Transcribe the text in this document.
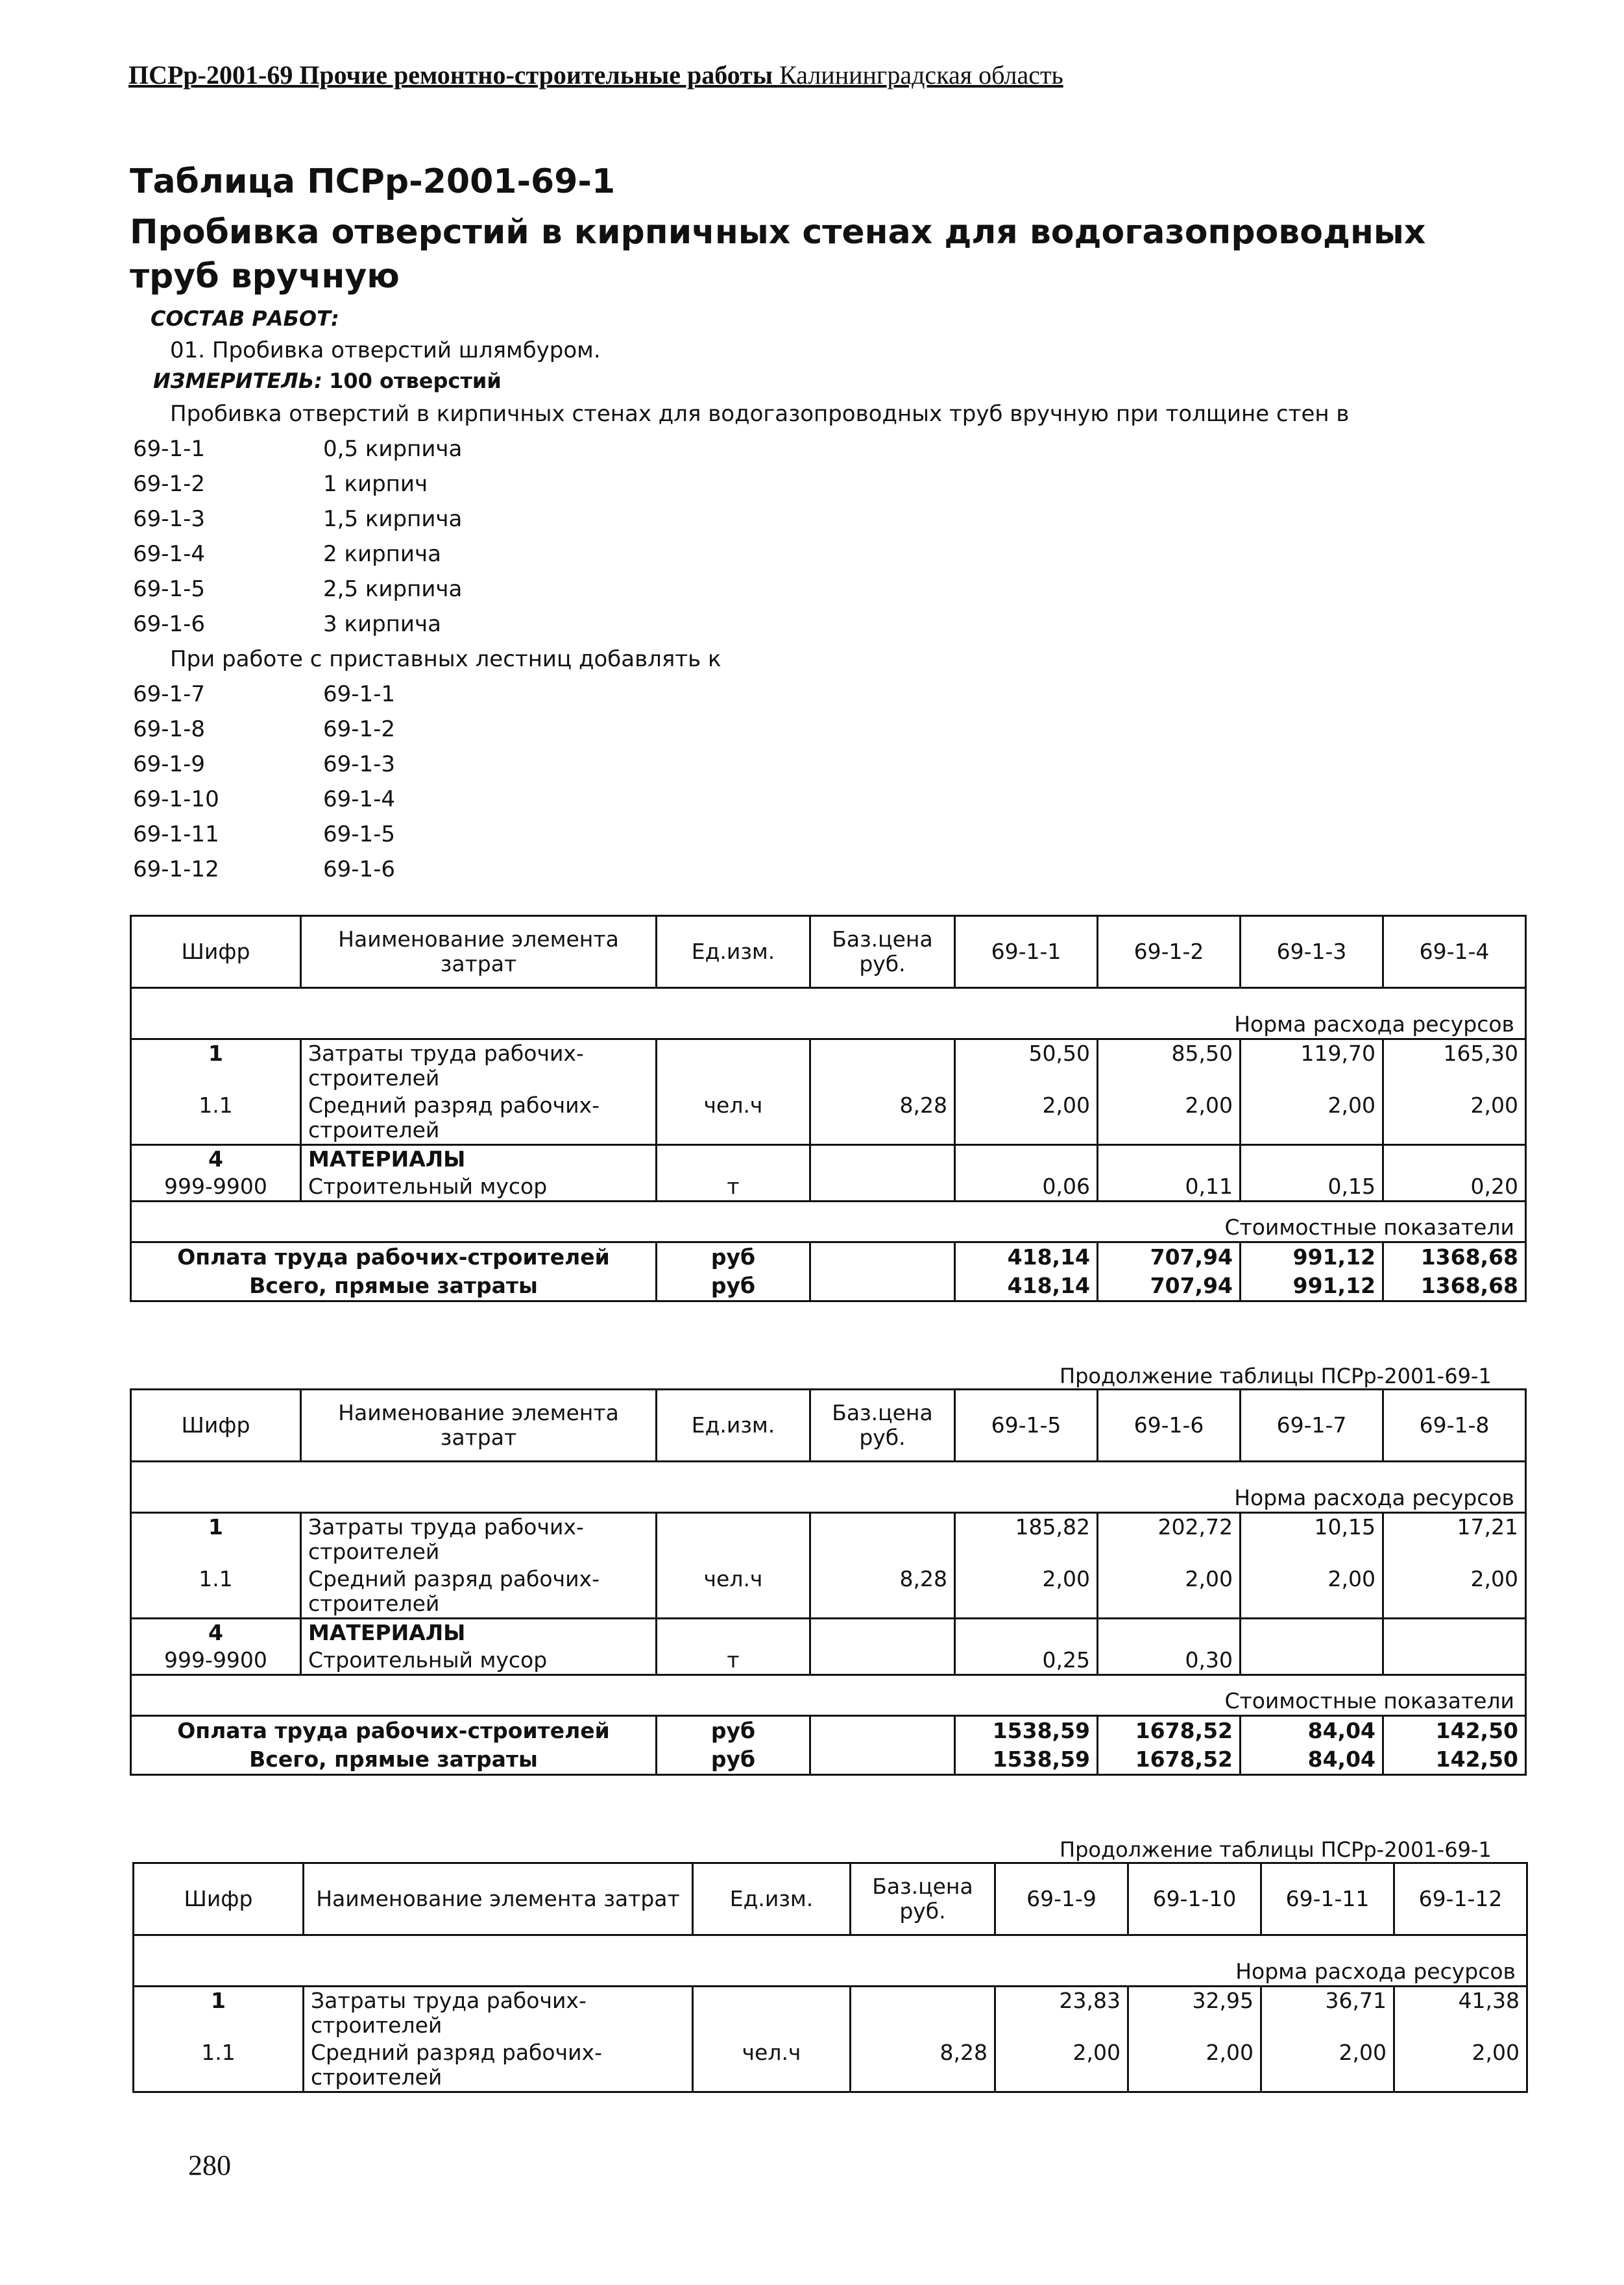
ПСРр-2001-69 Прочие ремонтно-строительные работы Калининградская область
Таблица ПСРр-2001-69-1
Пробивка отверстий в кирпичных стенах для водогазопроводных труб вручную
СОСТАВ РАБОТ:
01. Пробивка отверстий шлямбуром.
ИЗМЕРИТЕЛЬ: 100 отверстий
Пробивка отверстий в кирпичных стенах для водогазопроводных труб вручную при толщине стен в
69-1-1	0,5 кирпича
69-1-2	1 кирпич
69-1-3	1,5 кирпича
69-1-4	2 кирпича
69-1-5	2,5 кирпича
69-1-6	3 кирпича
При работе с приставных лестниц добавлять к
69-1-7	69-1-1
69-1-8	69-1-2
69-1-9	69-1-3
69-1-10	69-1-4
69-1-11	69-1-5
69-1-12	69-1-6
Шифр	Наименование элемента затрат	Ед.изм.	Баз.цена руб.	69-1-1	69-1-2	69-1-3	69-1-4
Норма расхода ресурсов							
1	Затраты труда рабочих-строителей			50,50	85,50	119,70	165,30
1.1	Средний разряд рабочих-строителей	чел.ч	8,28	2,00	2,00	2,00	2,00
4	МАТЕРИАЛЫ						
999-9900	Строительный мусор	т		0,06	0,11	0,15	0,20
Стоимостные показатели							
Оплата труда рабочих-строителей		руб		418,14	707,94	991,12	1368,68
Всего, прямые затраты		руб		418,14	707,94	991,12	1368,68
Продолжение таблицы ПСРр-2001-69-1
Шифр	Наименование элемента затрат	Ед.изм.	Баз.цена руб.	69-1-5	69-1-6	69-1-7	69-1-8
Норма расхода ресурсов							
1	Затраты труда рабочих-строителей			185,82	202,72	10,15	17,21
1.1	Средний разряд рабочих-строителей	чел.ч	8,28	2,00	2,00	2,00	2,00
4	МАТЕРИАЛЫ						
999-9900	Строительный мусор	т		0,25	0,30		
Стоимостные показатели							
Оплата труда рабочих-строителей		руб		1538,59	1678,52	84,04	142,50
Всего, прямые затраты		руб		1538,59	1678,52	84,04	142,50
Продолжение таблицы ПСРр-2001-69-1
Шифр	Наименование элемента затрат	Ед.изм.	Баз.цена руб.	69-1-9	69-1-10	69-1-11	69-1-12
Норма расхода ресурсов							
1	Затраты труда рабочих-строителей			23,83	32,95	36,71	41,38
1.1	Средний разряд рабочих-строителей	чел.ч	8,28	2,00	2,00	2,00	2,00
280
